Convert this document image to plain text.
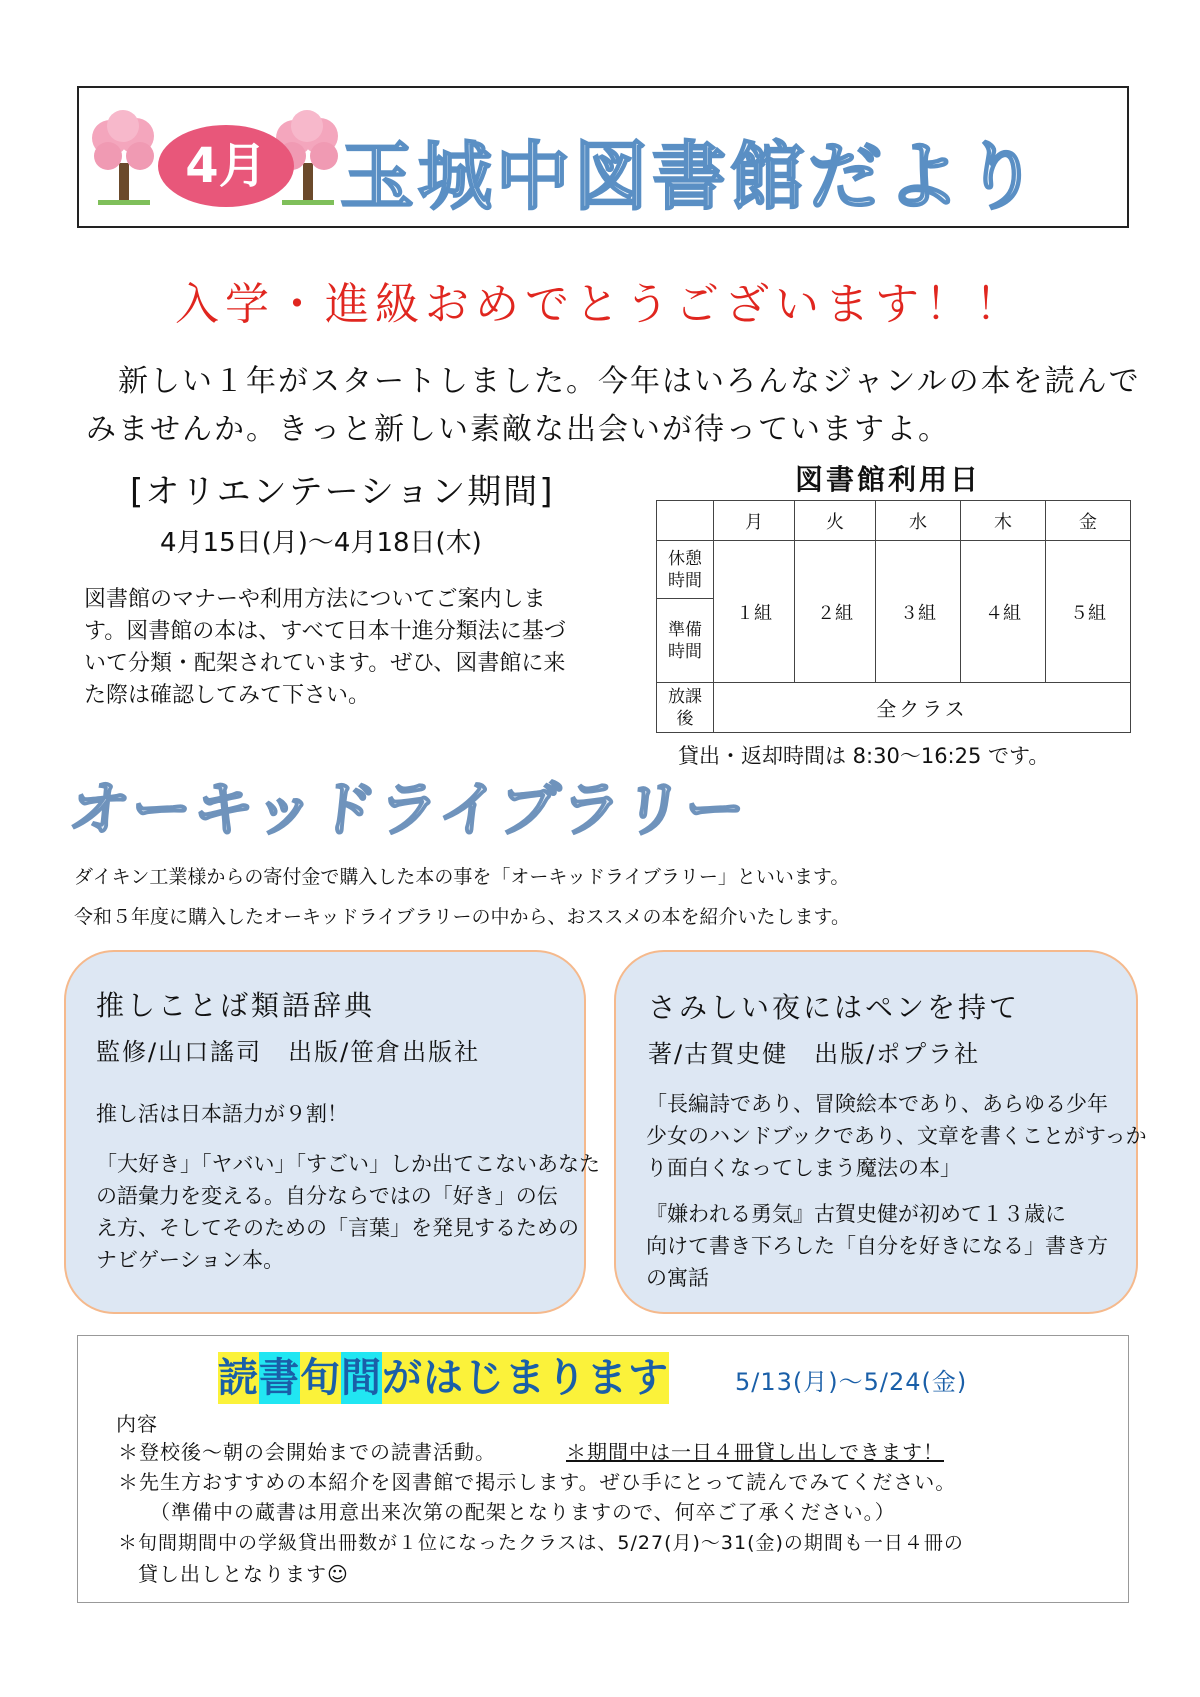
4月 玉城中図書館だより
入学・進級おめでとうございます！！
新しい１年がスタートしました。今年はいろんなジャンルの本を読んで
みませんか。きっと新しい素敵な出会いが待っていますよ。
[オリエンテーション期間]
4月15日(月)～4月18日(木)
図書館のマナーや利用方法についてご案内しま
す。図書館の本は、すべて日本十進分類法に基づ
いて分類・配架されています。ぜひ、図書館に来
た際は確認してみて下さい。
図書館利用日
	月	火	水	木	金

休憩
時間	１組	２組	３組	４組	５組

準備
時間					

放課
後	全クラス				
貸出・返却時間は 8:30～16:25 です。
オーキッドライブラリー
ダイキン工業様からの寄付金で購入した本の事を「オーキッドライブラリー」といいます。
令和５年度に購入したオーキッドライブラリーの中から、おススメの本を紹介いたします。
推しことば類語辞典
監修/山口謠司　出版/笹倉出版社
推し活は日本語力が９割！
「大好き」「ヤバい」「すごい」しか出てこないあなた
の語彙力を変える。自分ならではの「好き」の伝
え方、そしてそのための「言葉」を発見するための
ナビゲーション本。
さみしい夜にはペンを持て
著/古賀史健　出版/ポプラ社
「長編詩であり、冒険絵本であり、あらゆる少年
少女のハンドブックであり、文章を書くことがすっか
り面白くなってしまう魔法の本」
『嫌われる勇気』古賀史健が初めて１３歳に
向けて書き下ろした「自分を好きになる」書き方
の寓話
読 書 旬 間 がはじまります	5/13(月)～5/24(金)
内容
＊登校後～朝の会開始までの読書活動。	＊期間中は一日４冊貸し出しできます！
＊先生方おすすめの本紹介を図書館で掲示します。ぜひ手にとって読んでみてください。
（準備中の蔵書は用意出来次第の配架となりますので、何卒ご了承ください。）
＊旬間期間中の学級貸出冊数が１位になったクラスは、5/27(月)～31(金)の期間も一日４冊の
貸し出しとなります☺
